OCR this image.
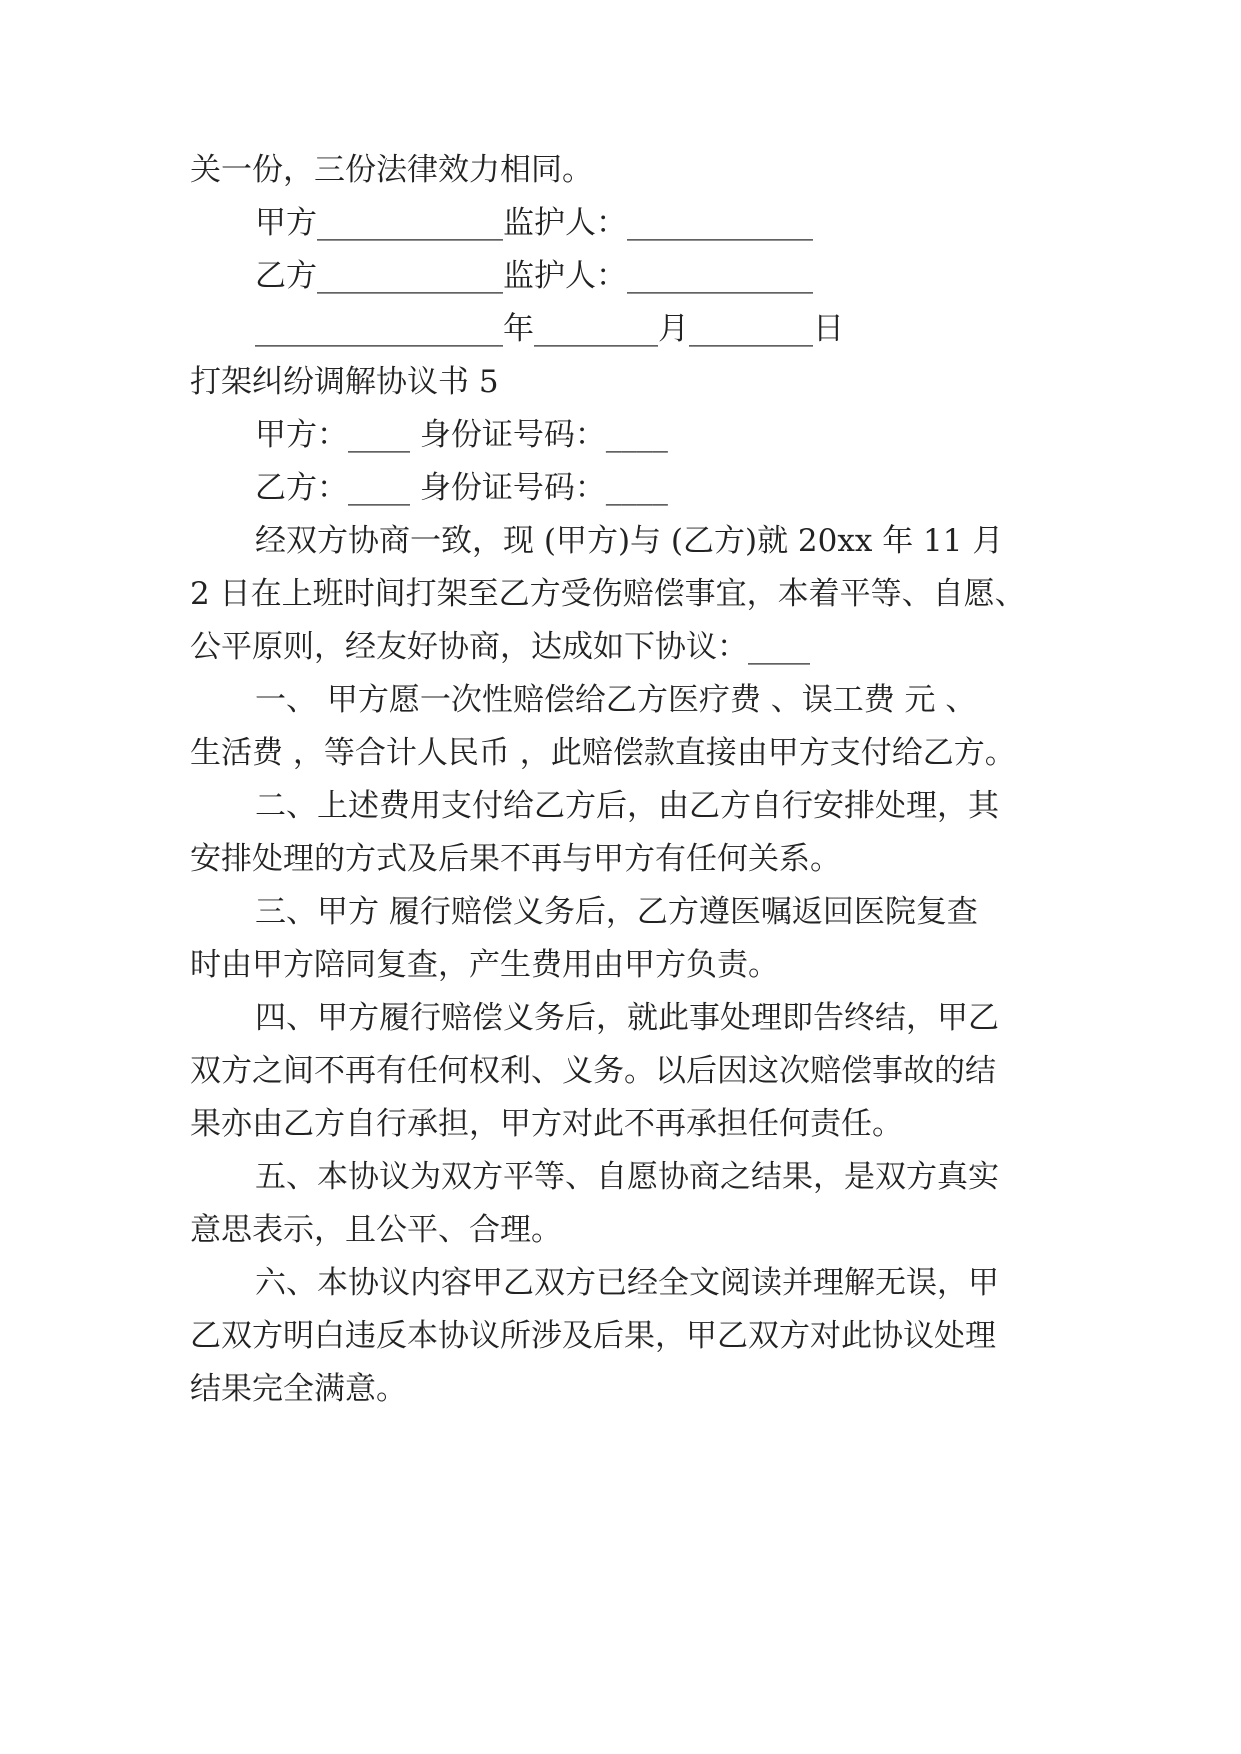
关一份，三份法律效力相同。
甲方____________监护人：____________
乙方____________监护人：____________
________________年________月________日
打架纠纷调解协议书 5
甲方：____ 身份证号码：____
乙方：____ 身份证号码：____
经双方协商一致，现 (甲方)与 (乙方)就 20xx 年 11 月
2 日在上班时间打架至乙方受伤赔偿事宜，本着平等、自愿、
公平原则，经友好协商，达成如下协议：____
一、 甲方愿一次性赔偿给乙方医疗费 、误工费 元 、
生活费 ，等合计人民币 ，此赔偿款直接由甲方支付给乙方。
二、上述费用支付给乙方后，由乙方自行安排处理，其
安排处理的方式及后果不再与甲方有任何关系。
三、甲方 履行赔偿义务后，乙方遵医嘱返回医院复查
时由甲方陪同复查，产生费用由甲方负责。
四、甲方履行赔偿义务后，就此事处理即告终结，甲乙
双方之间不再有任何权利、义务。以后因这次赔偿事故的结
果亦由乙方自行承担，甲方对此不再承担任何责任。
五、本协议为双方平等、自愿协商之结果，是双方真实
意思表示，且公平、合理。
六、本协议内容甲乙双方已经全文阅读并理解无误，甲
乙双方明白违反本协议所涉及后果，甲乙双方对此协议处理
结果完全满意。
